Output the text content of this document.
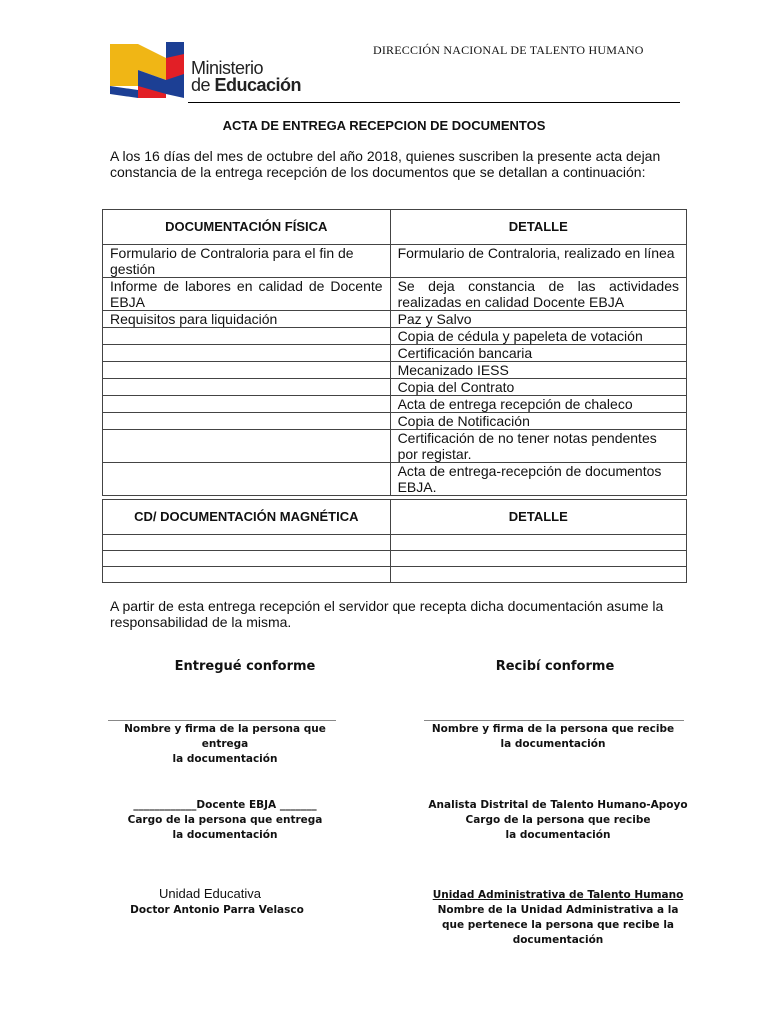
Ministerio
de Educación
DIRECCIÓN NACIONAL DE TALENTO HUMANO
ACTA DE ENTREGA RECEPCION DE DOCUMENTOS
A los 16 días del mes de octubre del año 2018, quienes suscriben la presente acta dejan constancia de la entrega recepción de los documentos que se detallan a continuación:
DOCUMENTACIÓN FÍSICA	DETALLE
Formulario de Contraloria para el fin de gestión	Formulario de Contraloria, realizado en línea
Informe de labores en calidad de Docente EBJA	Se deja constancia de las actividades realizadas en calidad Docente EBJA
Requisitos para liquidación	Paz y Salvo
	Copia de cédula y papeleta de votación
	Certificación bancaria
	Mecanizado IESS
	Copia del Contrato
	Acta de entrega recepción de chaleco
	Copia de Notificación
	Certificación de no tener notas pendentes por registar.
	Acta de entrega-recepción de documentos EBJA.
CD/ DOCUMENTACIÓN MAGNÉTICA	DETALLE

A partir de esta entrega recepción el servidor que recepta dicha documentación asume la responsabilidad de la misma.
Entregué conforme	Recibí conforme
Nombre y firma de la persona que entrega
la documentación
Nombre y firma de la persona que recibe
la documentación
____________Docente EBJA _______
Cargo de la persona que entrega
la documentación
Analista Distrital de Talento Humano-Apoyo
Cargo de la persona que recibe
la documentación
Unidad Educativa
Doctor Antonio Parra Velasco
Unidad Administrativa de Talento Humano
Nombre de la Unidad Administrativa a la
que pertenece la persona que recibe la
documentación
